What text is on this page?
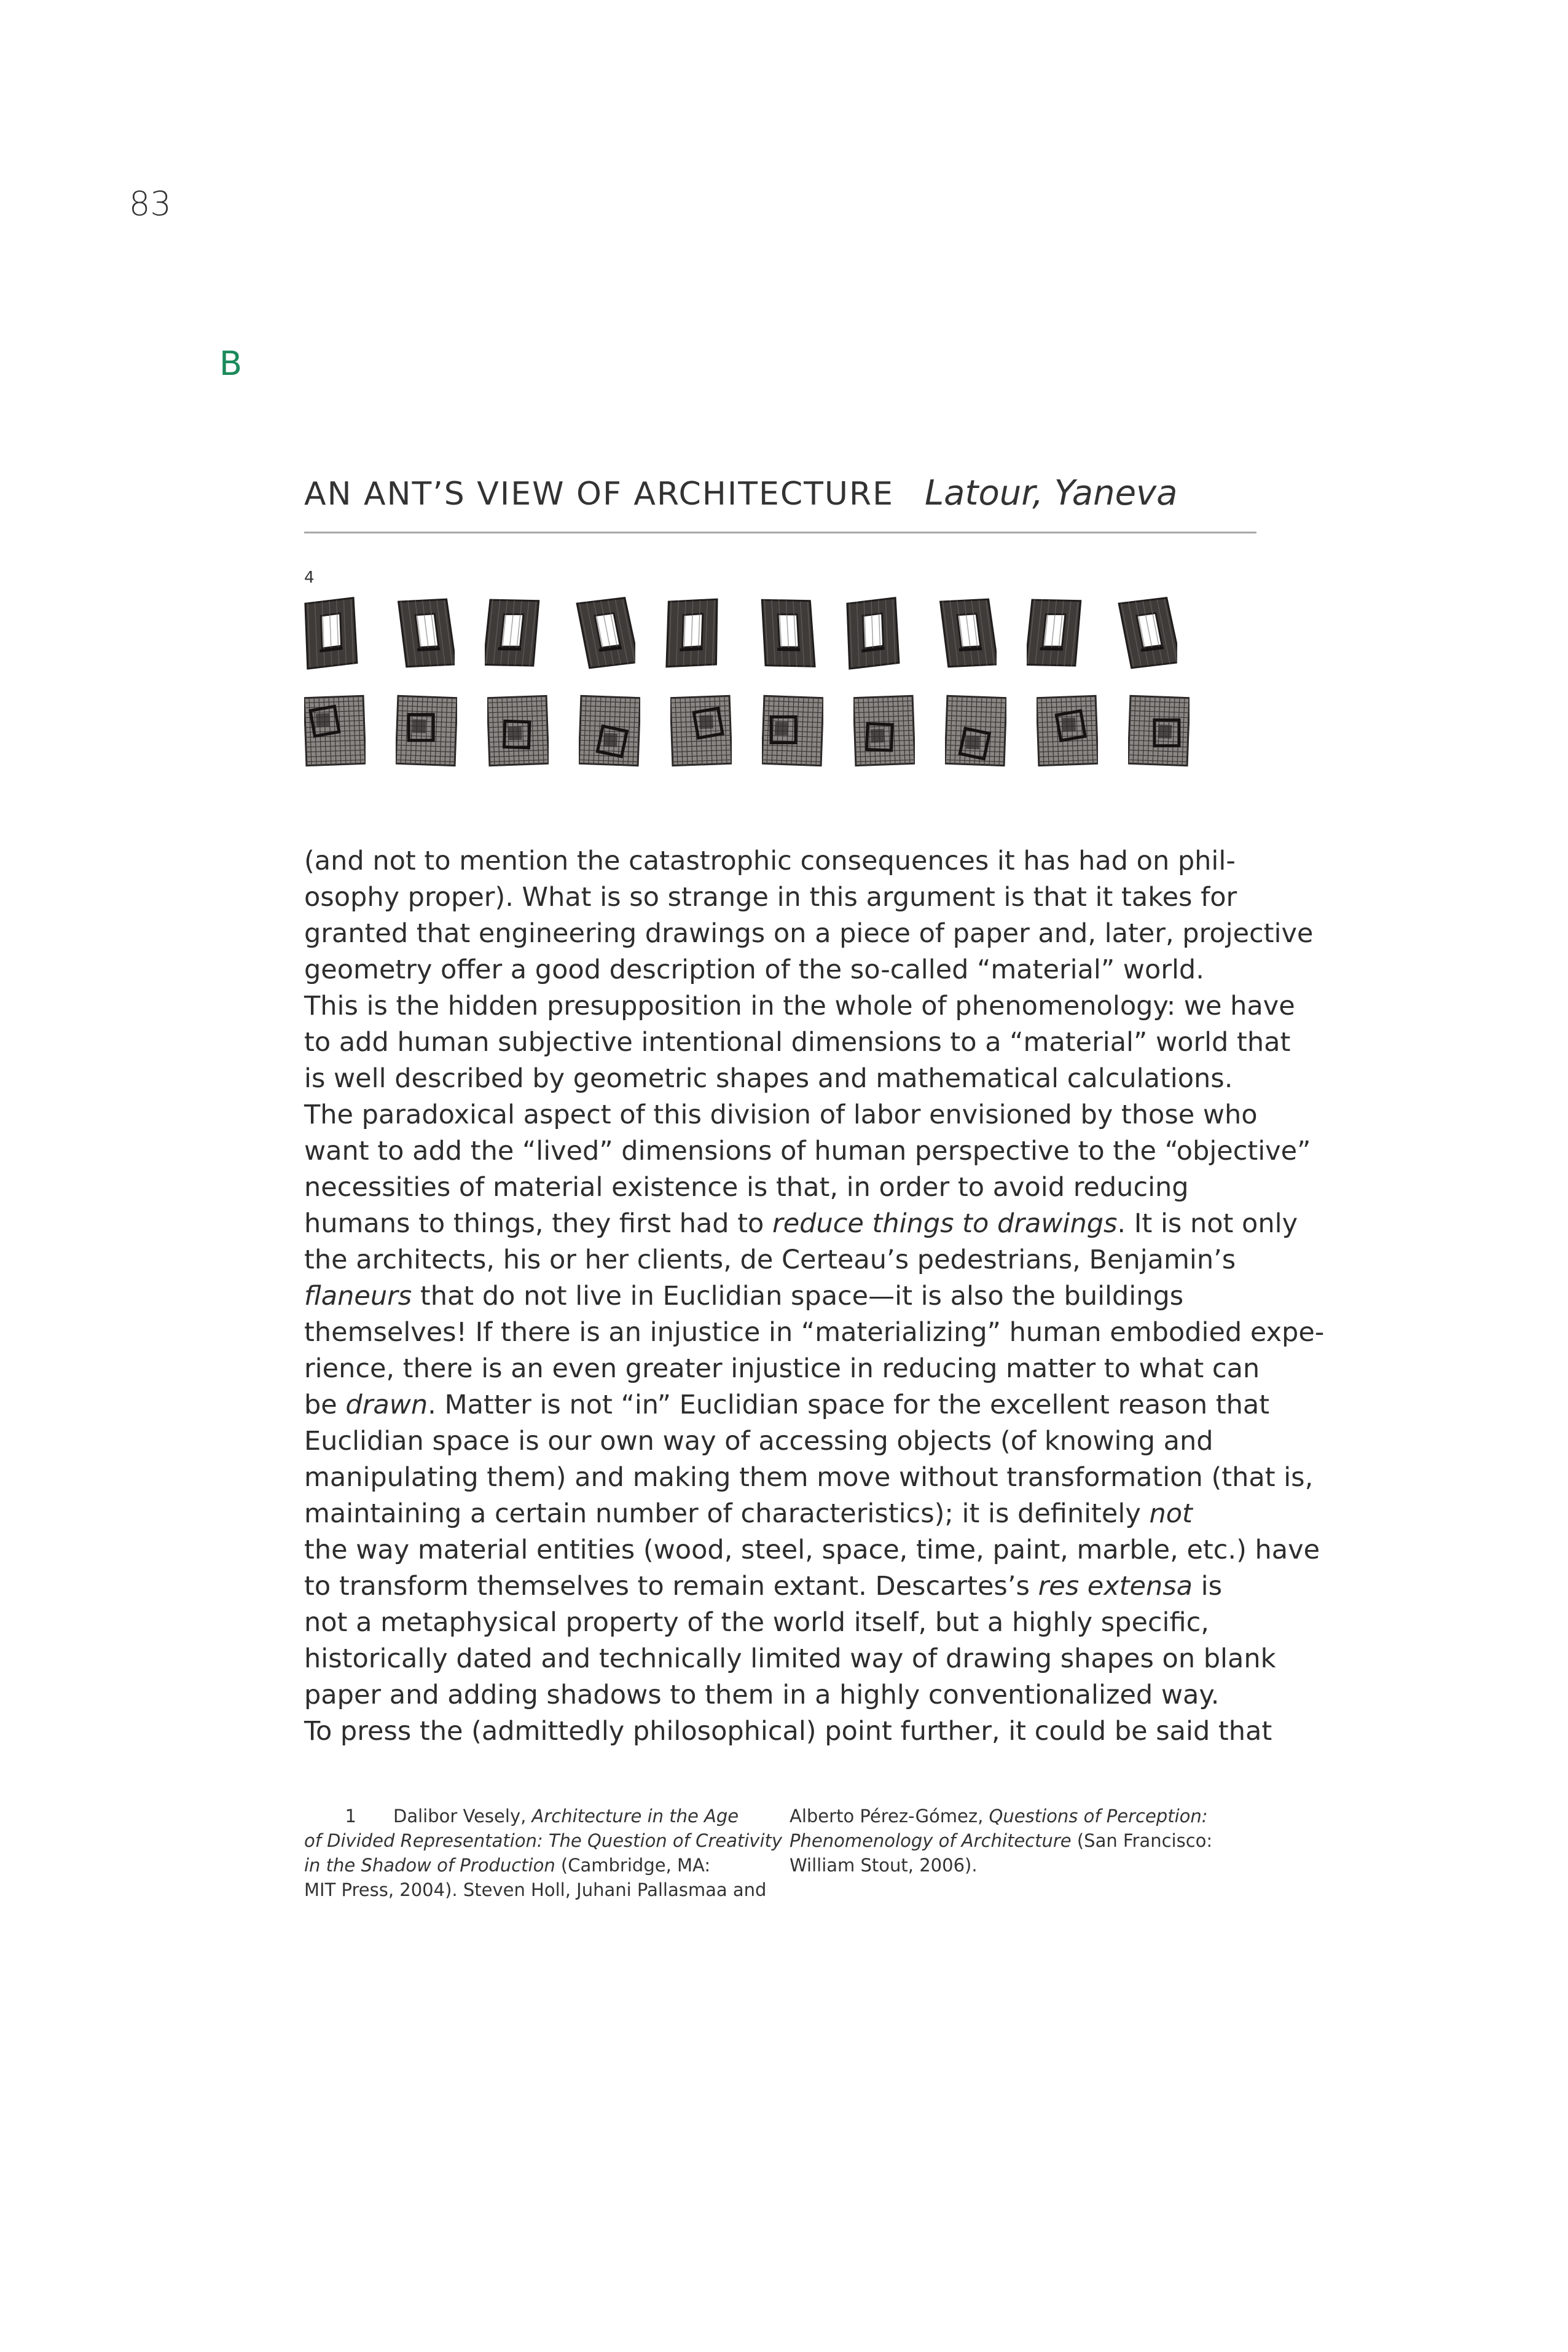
83
B
AN ANT’S VIEW OF ARCHITECTURE Latour, Yaneva
4
(and not to mention the catastrophic consequences it has had on phil-
osophy proper). What is so strange in this argument is that it takes for
granted that engineering drawings on a piece of paper and, later, projective
geometry offer a good description of the so-called “material” world.
This is the hidden presupposition in the whole of phenomenology: we have
to add human subjective intentional dimensions to a “material” world that
is well described by geometric shapes and mathematical calculations.
The paradoxical aspect of this division of labor envisioned by those who
want to add the “lived” dimensions of human perspective to the “objective”
necessities of material existence is that, in order to avoid reducing
humans to things, they first had to reduce things to drawings. It is not only
the architects, his or her clients, de Certeau’s pedestrians, Benjamin’s
flaneurs that do not live in Euclidian space—it is also the buildings
themselves! If there is an injustice in “materializing” human embodied expe-
rience, there is an even greater injustice in reducing matter to what can
be drawn. Matter is not “in” Euclidian space for the excellent reason that
Euclidian space is our own way of accessing objects (of knowing and
manipulating them) and making them move without transformation (that is,
maintaining a certain number of characteristics); it is definitely not
the way material entities (wood, steel, space, time, paint, marble, etc.) have
to transform themselves to remain extant. Descartes’s res extensa is
not a metaphysical property of the world itself, but a highly specific,
historically dated and technically limited way of drawing shapes on blank
paper and adding shadows to them in a highly conventionalized way.
To press the (admittedly philosophical) point further, it could be said that
1 Dalibor Vesely, Architecture in the Age
of Divided Representation: The Question of Creativity
in the Shadow of Production (Cambridge, MA:
MIT Press, 2004). Steven Holl, Juhani Pallasmaa and
Alberto Pérez-Gómez, Questions of Perception:
Phenomenology of Architecture (San Francisco:
William Stout, 2006).
